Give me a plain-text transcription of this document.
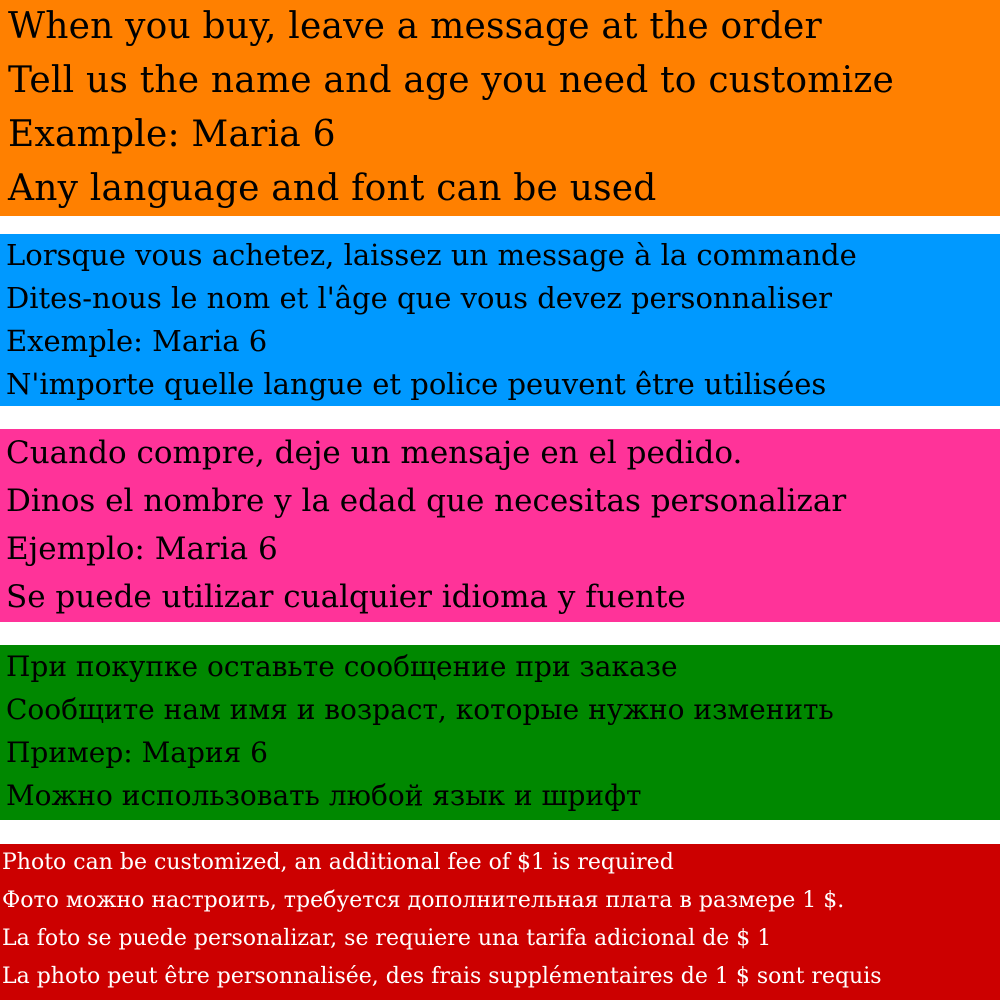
When you buy, leave a message at the order
Tell us the name and age you need to customize
Example: Maria 6
Any language and font can be used
Lorsque vous achetez, laissez un message à la commande
Dites-nous le nom et l'âge que vous devez personnaliser
Exemple: Maria 6
N'importe quelle langue et police peuvent être utilisées
Cuando compre, deje un mensaje en el pedido.
Dinos el nombre y la edad que necesitas personalizar
Ejemplo: Maria 6
Se puede utilizar cualquier idioma y fuente
При покупке оставьте сообщение при заказе
Сообщите нам имя и возраст, которые нужно изменить
Пример: Мария 6
Можно использовать любой язык и шрифт
Photo can be customized, an additional fee of $1 is required
Фото можно настроить, требуется дополнительная плата в размере 1 $.
La foto se puede personalizar, se requiere una tarifa adicional de $ 1
La photo peut être personnalisée, des frais supplémentaires de 1 $ sont requis
